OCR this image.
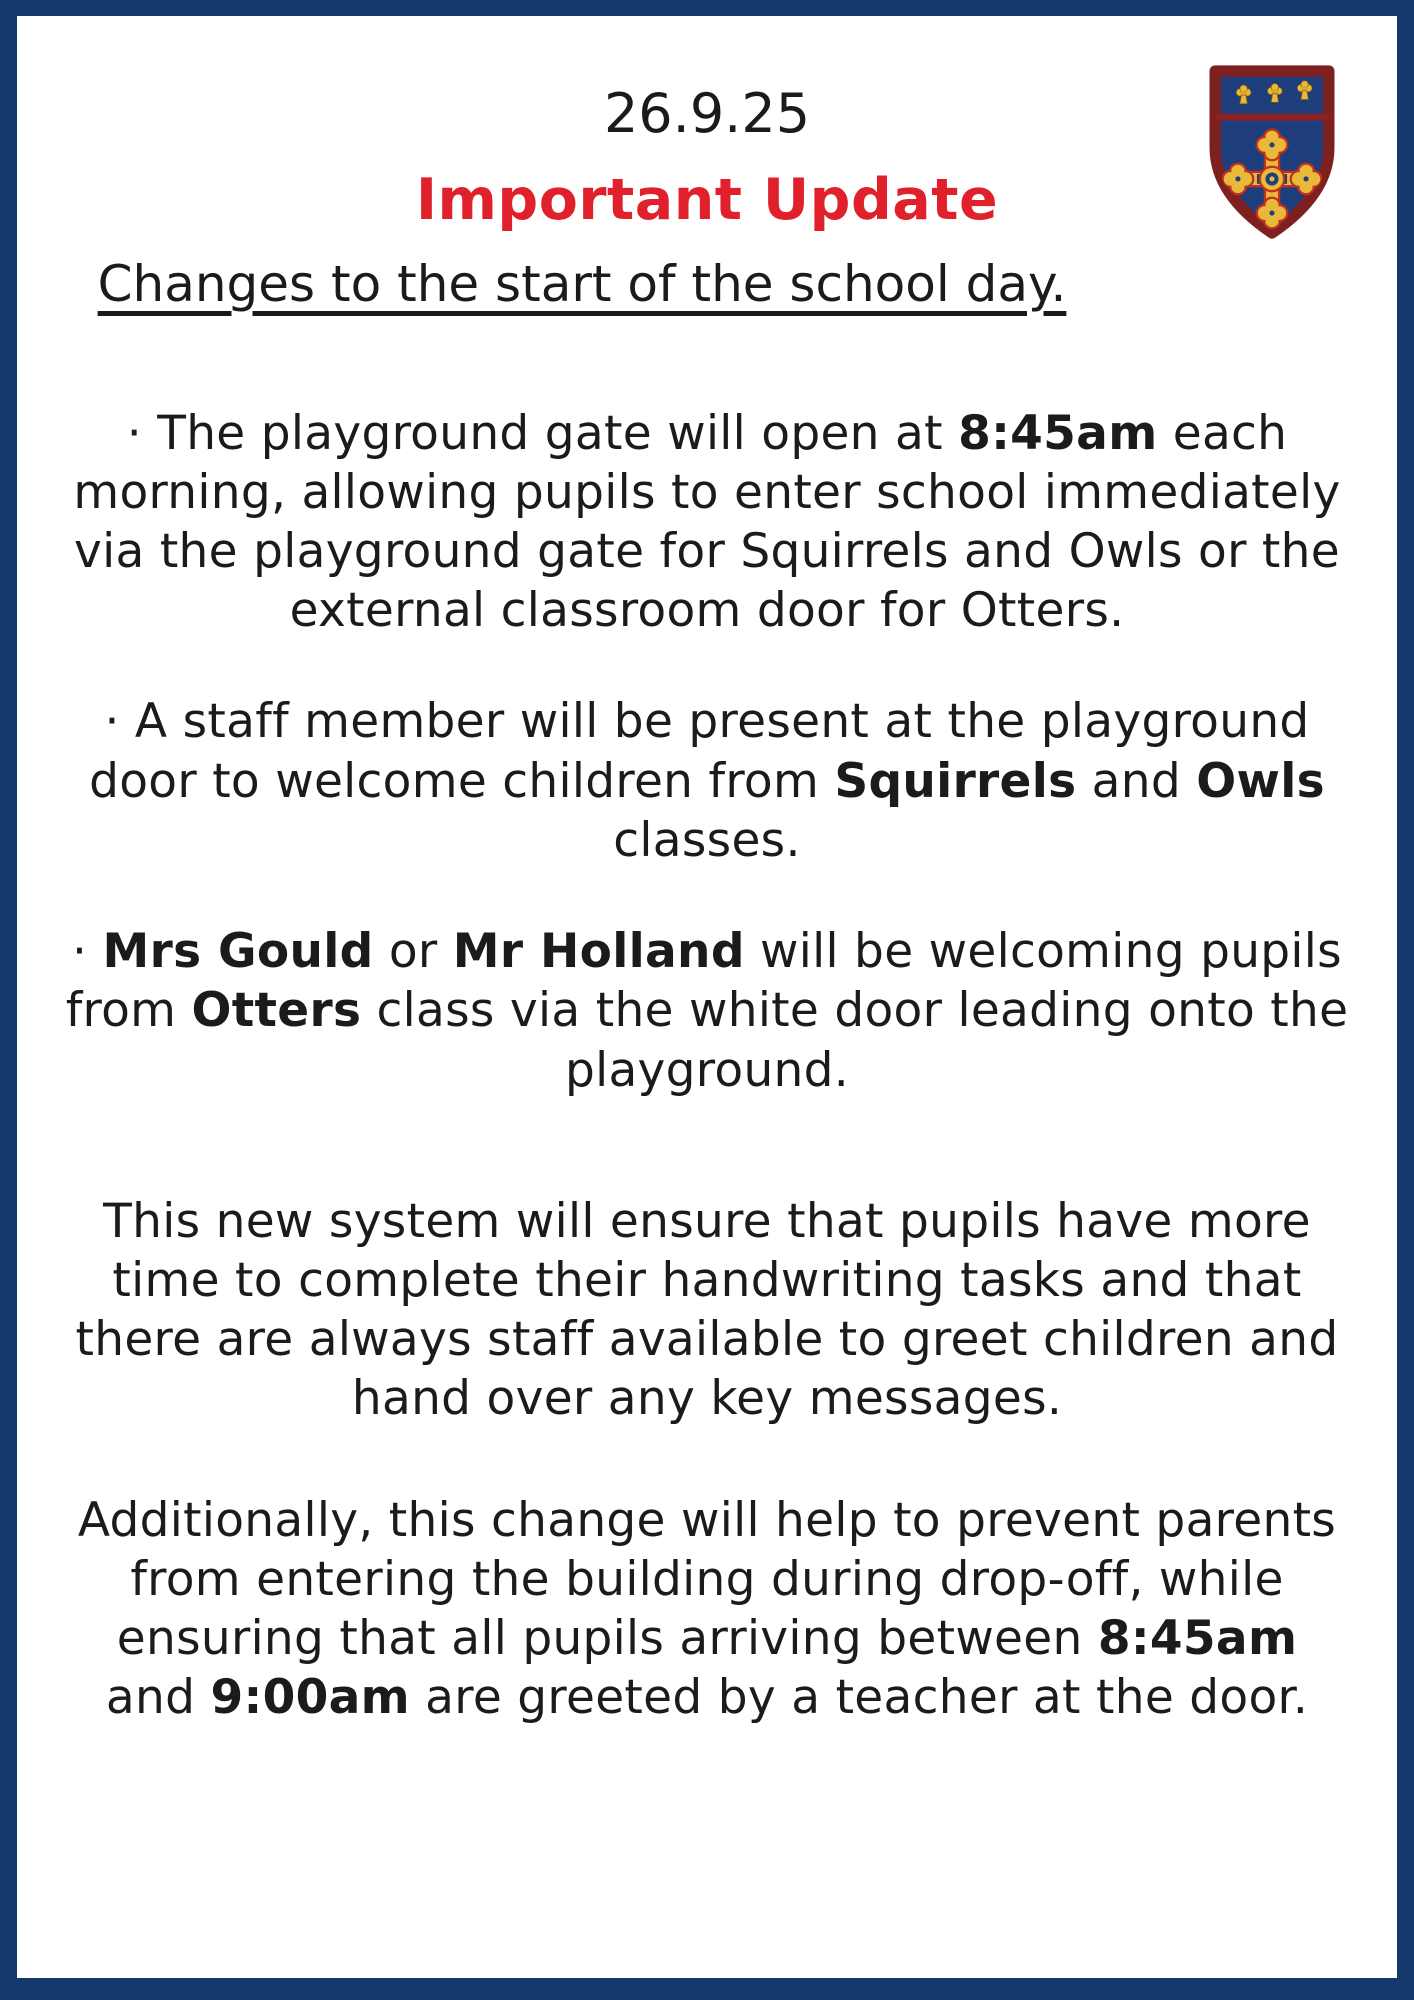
26.9.25
Important Update
Changes to the start of the school day.

· The playground gate will open at 8:45am each morning, allowing pupils to enter school immediately via the playground gate for Squirrels and Owls or the external classroom door for Otters.

· A staff member will be present at the playground door to welcome children from Squirrels and Owls classes.

· Mrs Gould or Mr Holland will be welcoming pupils from Otters class via the white door leading onto the playground.

This new system will ensure that pupils have more time to complete their handwriting tasks and that there are always staff available to greet children and hand over any key messages.

Additionally, this change will help to prevent parents from entering the building during drop-off, while ensuring that all pupils arriving between 8:45am and 9:00am are greeted by a teacher at the door.
